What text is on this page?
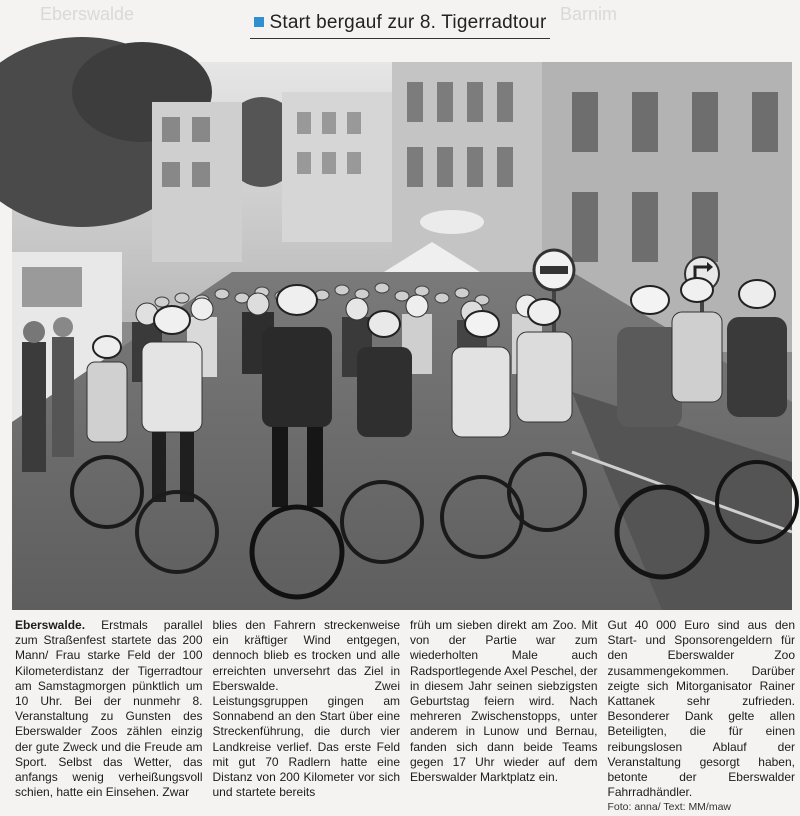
Eberswalde	Barnim
Start bergauf zur 8. Tigerradtour

Eberswalde. Erstmals parallel zum Straßenfest startete das 200 Mann/ Frau starke Feld der 100 Kilometerdistanz der Tigerradtour am Samstagmorgen pünktlich um 10 Uhr. Bei der nunmehr 8. Veranstaltung zu Gunsten des Eberswalder Zoos zählen einzig der gute Zweck und die Freude am Sport. Selbst das Wetter, das anfangs wenig verheißungsvoll schien, hatte ein Einsehen. Zwar

blies den Fahrern streckenweise ein kräftiger Wind entgegen, dennoch blieb es trocken und alle erreichten unversehrt das Ziel in Eberswalde. Zwei Leistungsgruppen gingen am Sonnabend an den Start über eine Streckenführung, die durch vier Landkreise verlief. Das erste Feld mit gut 70 Radlern hatte eine Distanz von 200 Kilometer vor sich und startete bereits

früh um sieben direkt am Zoo. Mit von der Partie war zum wiederholten Male auch Radsportlegende Axel Peschel, der in diesem Jahr seinen siebzigsten Geburtstag feiern wird. Nach mehreren Zwischenstopps, unter anderem in Lunow und Bernau, fanden sich dann beide Teams gegen 17 Uhr wieder auf dem Eberswalder Marktplatz ein.

Gut 40 000 Euro sind aus den Start- und Sponsorengeldern für den Eberswalder Zoo zusammengekommen. Darüber zeigte sich Mitorganisator Rainer Kattanek sehr zufrieden. Besonderer Dank gelte allen Beteiligten, die für einen reibungslosen Ablauf der Veranstaltung gesorgt haben, betonte der Eberswalder Fahrradhändler.

Foto: anna/ Text: MM/maw
